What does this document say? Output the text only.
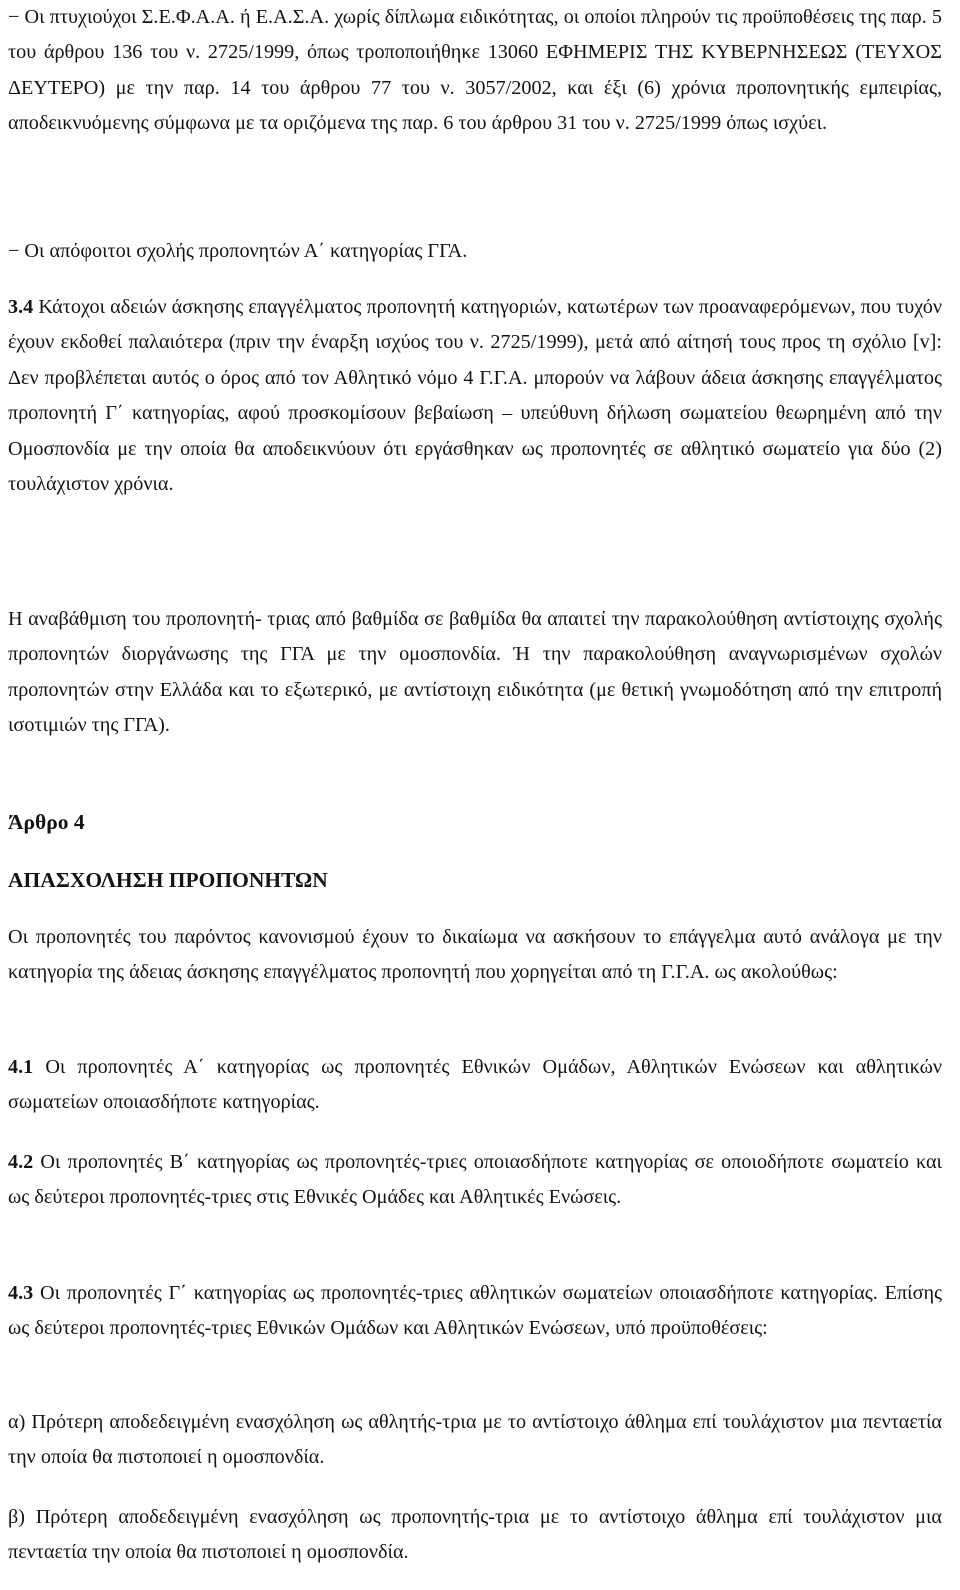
− Οι πτυχιούχοι Σ.Ε.Φ.Α.Α. ή Ε.Α.Σ.Α. χωρίς δίπλωμα ειδικότητας, οι οποίοι πληρούν τις προϋποθέσεις της παρ. 5 του άρθρου 136 του ν. 2725/1999, όπως τροποποιήθηκε 13060 ΕΦΗΜΕΡΙΣ ΤΗΣ ΚΥΒΕΡΝΗΣΕΩΣ (ΤΕΥΧΟΣ ΔΕΥΤΕΡΟ) με την παρ. 14 του άρθρου 77 του ν. 3057/2002, και έξι (6) χρόνια προπονητικής εμπειρίας, αποδεικνυόμενης σύμφωνα με τα οριζόμενα της παρ. 6 του άρθρου 31 του ν. 2725/1999 όπως ισχύει.

− Οι απόφοιτοι σχολής προπονητών Α΄ κατηγορίας ΓΓΑ.

3.4 Κάτοχοι αδειών άσκησης επαγγέλματος προπονητή κατηγοριών, κατωτέρων των προαναφερόμενων, που τυχόν έχουν εκδοθεί παλαιότερα (πριν την έναρξη ισχύος του ν. 2725/1999), μετά από αίτησή τους προς τη σχόλιο [v]: Δεν προβλέπεται αυτός ο όρος από τον Αθλητικό νόμο 4 Γ.Γ.Α. μπορούν να λάβουν άδεια άσκησης επαγγέλματος προπονητή Γ΄ κατηγορίας, αφού προσκομίσουν βεβαίωση – υπεύθυνη δήλωση σωματείου θεωρημένη από την Ομοσπονδία με την οποία θα αποδεικνύουν ότι εργάσθηκαν ως προπονητές σε αθλητικό σωματείο για δύο (2) τουλάχιστον χρόνια.

Η αναβάθμιση του προπονητή- τριας από βαθμίδα σε βαθμίδα θα απαιτεί την παρακολούθηση αντίστοιχης σχολής προπονητών διοργάνωσης της ΓΓΑ με την ομοσπονδία. Ή την παρακολούθηση αναγνωρισμένων σχολών προπονητών στην Ελλάδα και το εξωτερικό, με αντίστοιχη ειδικότητα (με θετική γνωμοδότηση από την επιτροπή ισοτιμιών της ΓΓΑ).

Άρθρο 4

ΑΠΑΣΧΟΛΗΣΗ ΠΡΟΠΟΝΗΤΩΝ

Οι προπονητές του παρόντος κανονισμού έχουν το δικαίωμα να ασκήσουν το επάγγελμα αυτό ανάλογα με την κατηγορία της άδειας άσκησης επαγγέλματος προπονητή που χορηγείται από τη Γ.Γ.Α. ως ακολούθως:

4.1 Οι προπονητές Α΄ κατηγορίας ως προπονητές Εθνικών Ομάδων, Αθλητικών Ενώσεων και αθλητικών σωματείων οποιασδήποτε κατηγορίας.

4.2 Οι προπονητές Β΄ κατηγορίας ως προπονητές-τριες οποιασδήποτε κατηγορίας σε οποιοδήποτε σωματείο και ως δεύτεροι προπονητές-τριες στις Εθνικές Ομάδες και Αθλητικές Ενώσεις.

4.3 Οι προπονητές Γ΄ κατηγορίας ως προπονητές-τριες αθλητικών σωματείων οποιασδήποτε κατηγορίας. Επίσης ως δεύτεροι προπονητές-τριες Εθνικών Ομάδων και Αθλητικών Ενώσεων, υπό προϋποθέσεις:

α) Πρότερη αποδεδειγμένη ενασχόληση ως αθλητής-τρια με το αντίστοιχο άθλημα επί τουλάχιστον μια πενταετία την οποία θα πιστοποιεί η ομοσπονδία.

β) Πρότερη αποδεδειγμένη ενασχόληση ως προπονητής-τρια με το αντίστοιχο άθλημα επί τουλάχιστον μια πενταετία την οποία θα πιστοποιεί η ομοσπονδία.
